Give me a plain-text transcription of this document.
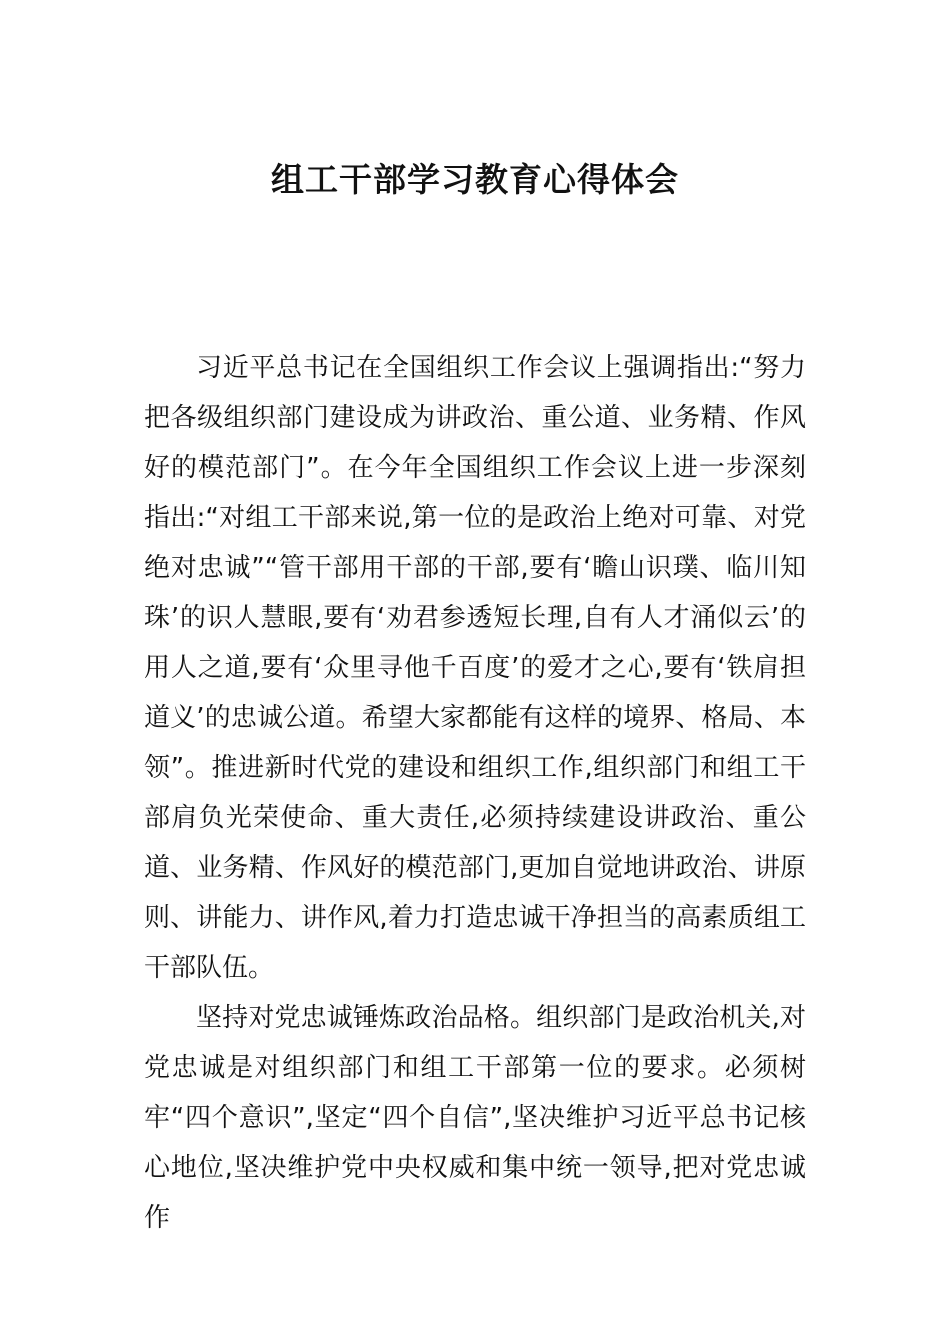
组工干部学习教育心得体会

习近平总书记在全国组织工作会议上强调指出:“努力把各级组织部门建设成为讲政治、重公道、业务精、作风好的模范部门”。在今年全国组织工作会议上进一步深刻指出:“对组工干部来说,第一位的是政治上绝对可靠、对党绝对忠诚”“管干部用干部的干部,要有‘瞻山识璞、临川知珠’的识人慧眼,要有‘劝君参透短长理,自有人才涌似云’的用人之道,要有‘众里寻他千百度’的爱才之心,要有‘铁肩担道义’的忠诚公道。希望大家都能有这样的境界、格局、本领”。推进新时代党的建设和组织工作,组织部门和组工干部肩负光荣使命、重大责任,必须持续建设讲政治、重公道、业务精、作风好的模范部门,更加自觉地讲政治、讲原则、讲能力、讲作风,着力打造忠诚干净担当的高素质组工干部队伍。

坚持对党忠诚锤炼政治品格。组织部门是政治机关,对党忠诚是对组织部门和组工干部第一位的要求。必须树牢“四个意识”,坚定“四个自信”,坚决维护习近平总书记核心地位,坚决维护党中央权威和集中统一领导,把对党忠诚作
